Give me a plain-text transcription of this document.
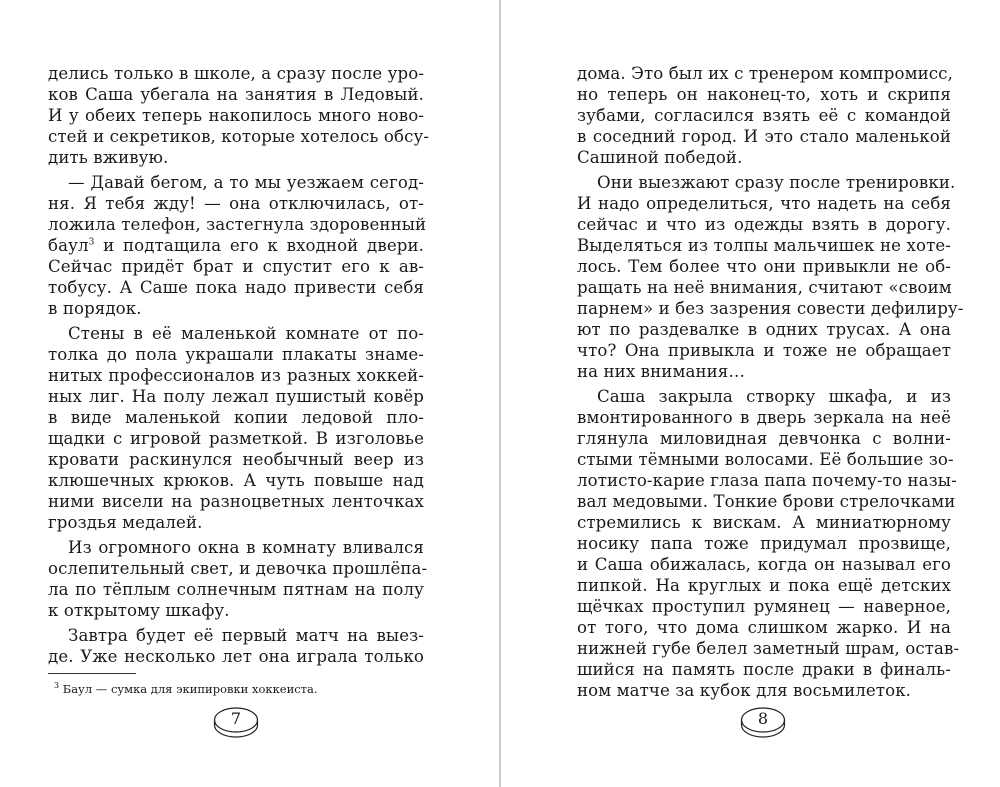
делись только в школе, а сразу после уро-
ков Саша убегала на занятия в Ледовый.
И у обеих теперь накопилось много ново-
стей и секретиков, которые хотелось обсу-
дить вживую.
— Давай бегом, а то мы уезжаем сегод-
ня. Я тебя жду! — она отключилась, от-
ложила телефон, застегнула здоровенный
баул$^3$ и подтащила его к входной двери.
Сейчас придёт брат и спустит его к ав-
тобусу. А Саше пока надо привести себя
в порядок.
Стены в её маленькой комнате от по-
толка до пола украшали плакаты знаме-
нитых профессионалов из разных хоккей-
ных лиг. На полу лежал пушистый ковёр
в виде маленькой копии ледовой пло-
щадки с игровой разметкой. В изголовье
кровати раскинулся необычный веер из
клюшечных крюков. А чуть повыше над
ними висели на разноцветных ленточках
гроздья медалей.
Из огромного окна в комнату вливался
ослепительный свет, и девочка прошлёпа-
ла по тёплым солнечным пятнам на полу
к открытому шкафу.
Завтра будет её первый матч на выез-
де. Уже несколько лет она играла только
$^3$ Баул — сумка для экипировки хоккеиста.
7
дома. Это был их с тренером компромисс,
но теперь он наконец-то, хоть и скрипя
зубами, согласился взять её с командой
в соседний город. И это стало маленькой
Сашиной победой.
Они выезжают сразу после тренировки.
И надо определиться, что надеть на себя
сейчас и что из одежды взять в дорогу.
Выделяться из толпы мальчишек не хоте-
лось. Тем более что они привыкли не об-
ращать на неё внимания, считают «своим
парнем» и без зазрения совести дефилиру-
ют по раздевалке в одних трусах. А она
что? Она привыкла и тоже не обращает
на них внимания…
Саша закрыла створку шкафа, и из
вмонтированного в дверь зеркала на неё
глянула миловидная девчонка с волни-
стыми тёмными волосами. Её большие зо-
лотисто-карие глаза папа почему-то назы-
вал медовыми. Тонкие брови стрелочками
стремились к вискам. А миниатюрному
носику папа тоже придумал прозвище,
и Саша обижалась, когда он называл его
пипкой. На круглых и пока ещё детских
щёчках проступил румянец — наверное,
от того, что дома слишком жарко. И на
нижней губе белел заметный шрам, остав-
шийся на память после драки в финаль-
ном матче за кубок для восьмилеток.
8
